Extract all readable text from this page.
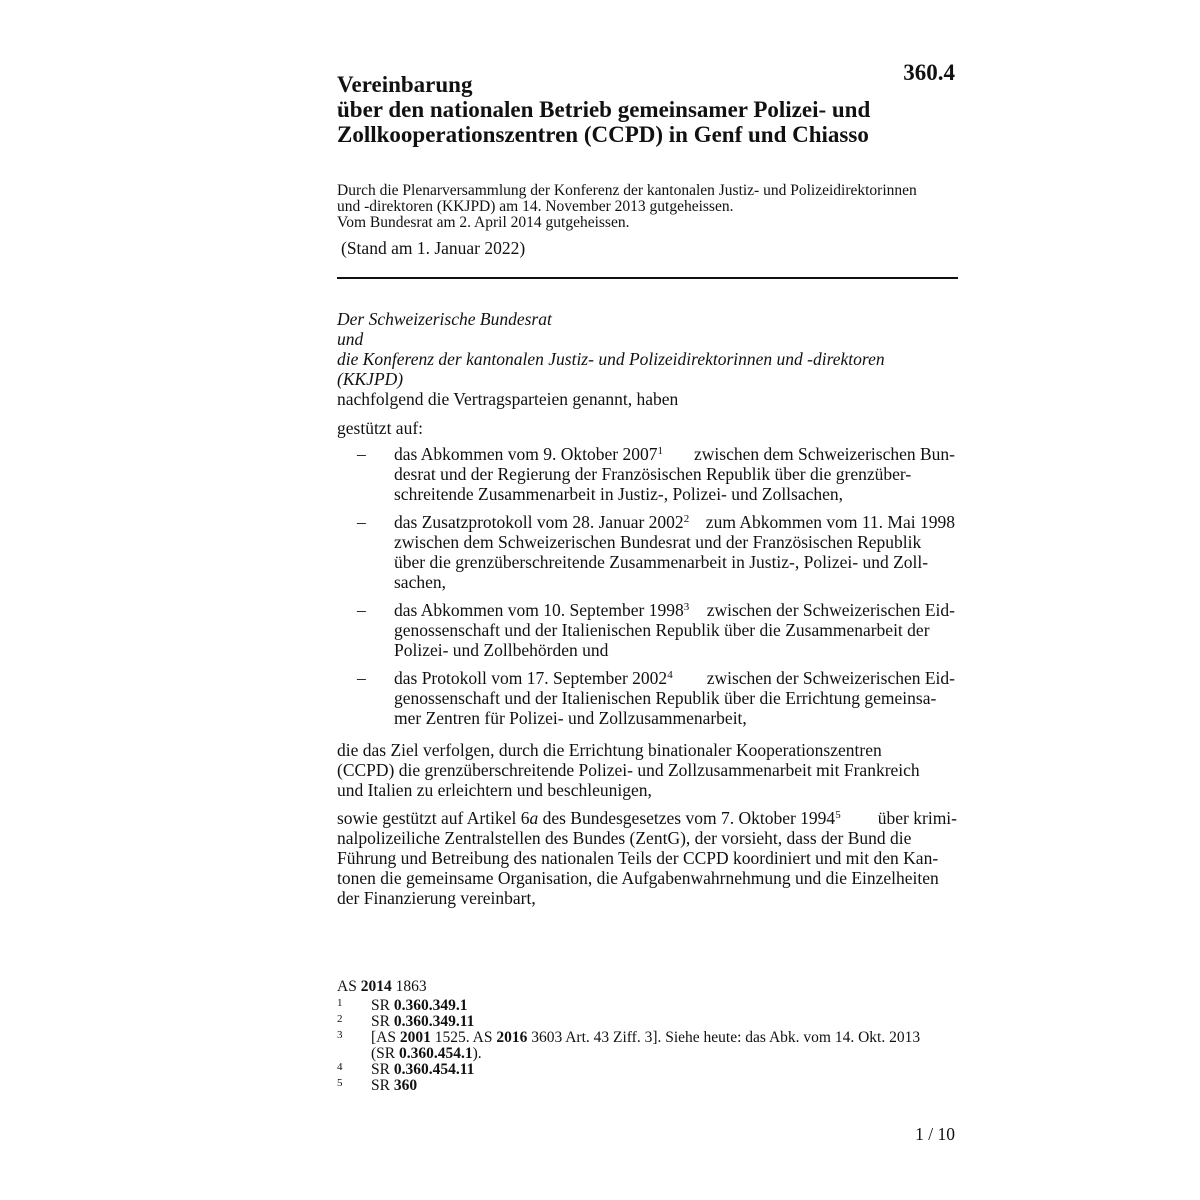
360.4
Vereinbarung
über den nationalen Betrieb gemeinsamer Polizei- und
Zollkooperationszentren (CCPD) in Genf und Chiasso
Durch die Plenarversammlung der Konferenz der kantonalen Justiz- und Polizeidirektorinnen
und -direktoren (KKJPD) am 14. November 2013 gutgeheissen.
Vom Bundesrat am 2. April 2014 gutgeheissen.
(Stand am 1. Januar 2022)
Der Schweizerische Bundesrat
und
die Konferenz der kantonalen Justiz- und Polizeidirektorinnen und -direktoren
(KKJPD)
nachfolgend die Vertragsparteien genannt, haben
gestützt auf:
– das Abkommen vom 9. Oktober 2007$^1$ zwischen dem Schweizerischen Bun-
desrat und der Regierung der Französischen Republik über die grenzüber-
schreitende Zusammenarbeit in Justiz-, Polizei- und Zollsachen,
– das Zusatzprotokoll vom 28. Januar 2002$^2$ zum Abkommen vom 11. Mai 1998
zwischen dem Schweizerischen Bundesrat und der Französischen Republik
über die grenzüberschreitende Zusammenarbeit in Justiz-, Polizei- und Zoll-
sachen,
– das Abkommen vom 10. September 1998$^3$ zwischen der Schweizerischen Eid-
genossenschaft und der Italienischen Republik über die Zusammenarbeit der
Polizei- und Zollbehörden und
– das Protokoll vom 17. September 2002$^4$ zwischen der Schweizerischen Eid-
genossenschaft und der Italienischen Republik über die Errichtung gemeinsa-
mer Zentren für Polizei- und Zollzusammenarbeit,
die das Ziel verfolgen, durch die Errichtung binationaler Kooperationszentren
(CCPD) die grenzüberschreitende Polizei- und Zollzusammenarbeit mit Frankreich
und Italien zu erleichtern und beschleunigen,
sowie gestützt auf Artikel 6a des Bundesgesetzes vom 7. Oktober 1994$^5$ über krimi-
nalpolizeiliche Zentralstellen des Bundes (ZentG), der vorsieht, dass der Bund die
Führung und Betreibung des nationalen Teils der CCPD koordiniert und mit den Kan-
tonen die gemeinsame Organisation, die Aufgabenwahrnehmung und die Einzelheiten
der Finanzierung vereinbart,
AS 2014 1863
1 SR 0.360.349.1
2 SR 0.360.349.11
3 [AS 2001 1525. AS 2016 3603 Art. 43 Ziff. 3]. Siehe heute: das Abk. vom 14. Okt. 2013
(SR 0.360.454.1).
4 SR 0.360.454.11
5 SR 360
1 / 10
